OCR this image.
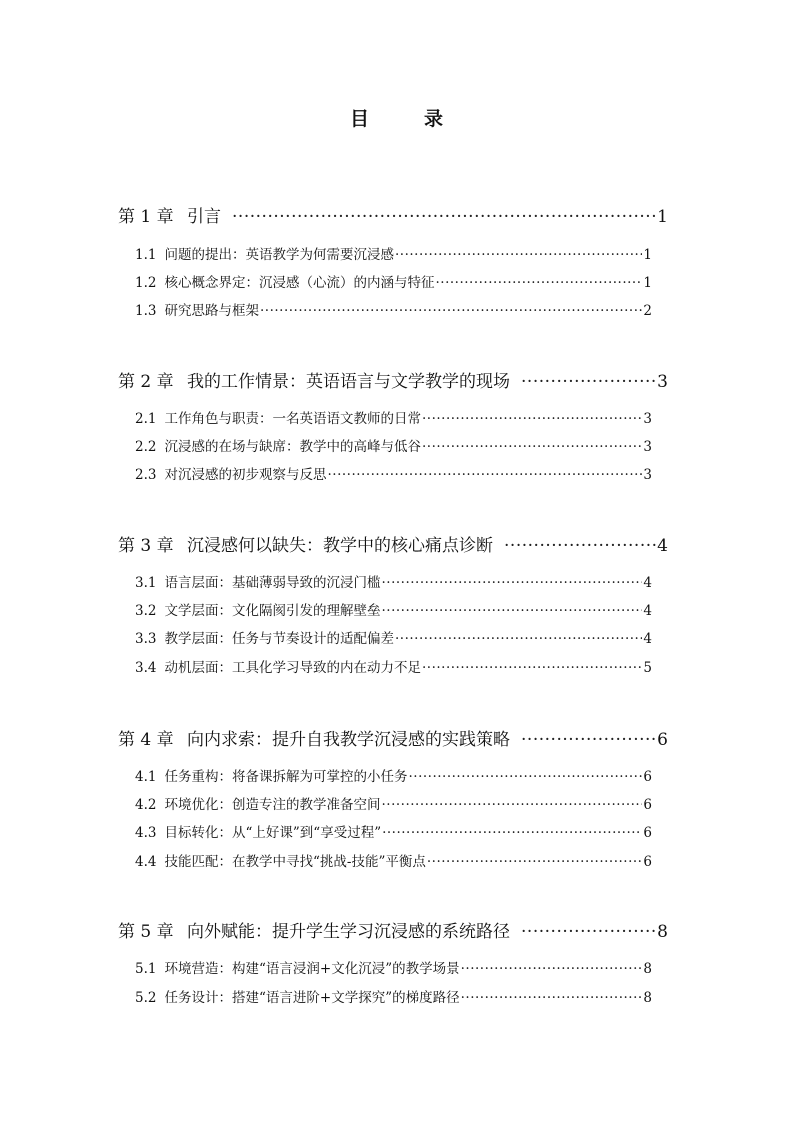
目　录
第 1 章 引言 ·····	1
1.1 问题的提出：英语教学为何需要沉浸感 ·····	1
1.2 核心概念界定：沉浸感（心流）的内涵与特征 ·····	1
1.3 研究思路与框架 ·····	2
第 2 章 我的工作情景：英语语言与文学教学的现场 ·····	3
2.1 工作角色与职责：一名英语语文教师的日常 ·····	3
2.2 沉浸感的在场与缺席：教学中的高峰与低谷 ·····	3
2.3 对沉浸感的初步观察与反思 ·····	3
第 3 章 沉浸感何以缺失：教学中的核心痛点诊断 ·····	4
3.1 语言层面：基础薄弱导致的沉浸门槛 ·····	4
3.2 文学层面：文化隔阂引发的理解壁垒 ·····	4
3.3 教学层面：任务与节奏设计的适配偏差 ·····	4
3.4 动机层面：工具化学习导致的内在动力不足 ·····	5
第 4 章 向内求索：提升自我教学沉浸感的实践策略 ·····	6
4.1 任务重构：将备课拆解为可掌控的小任务 ·····	6
4.2 环境优化：创造专注的教学准备空间 ·····	6
4.3 目标转化：从“上好课”到“享受过程” ·····	6
4.4 技能匹配：在教学中寻找“挑战-技能”平衡点 ·····	6
第 5 章 向外赋能：提升学生学习沉浸感的系统路径 ·····	8
5.1 环境营造：构建“语言浸润+文化沉浸”的教学场景 ·····	8
5.2 任务设计：搭建“语言进阶+文学探究”的梯度路径 ·····	8
